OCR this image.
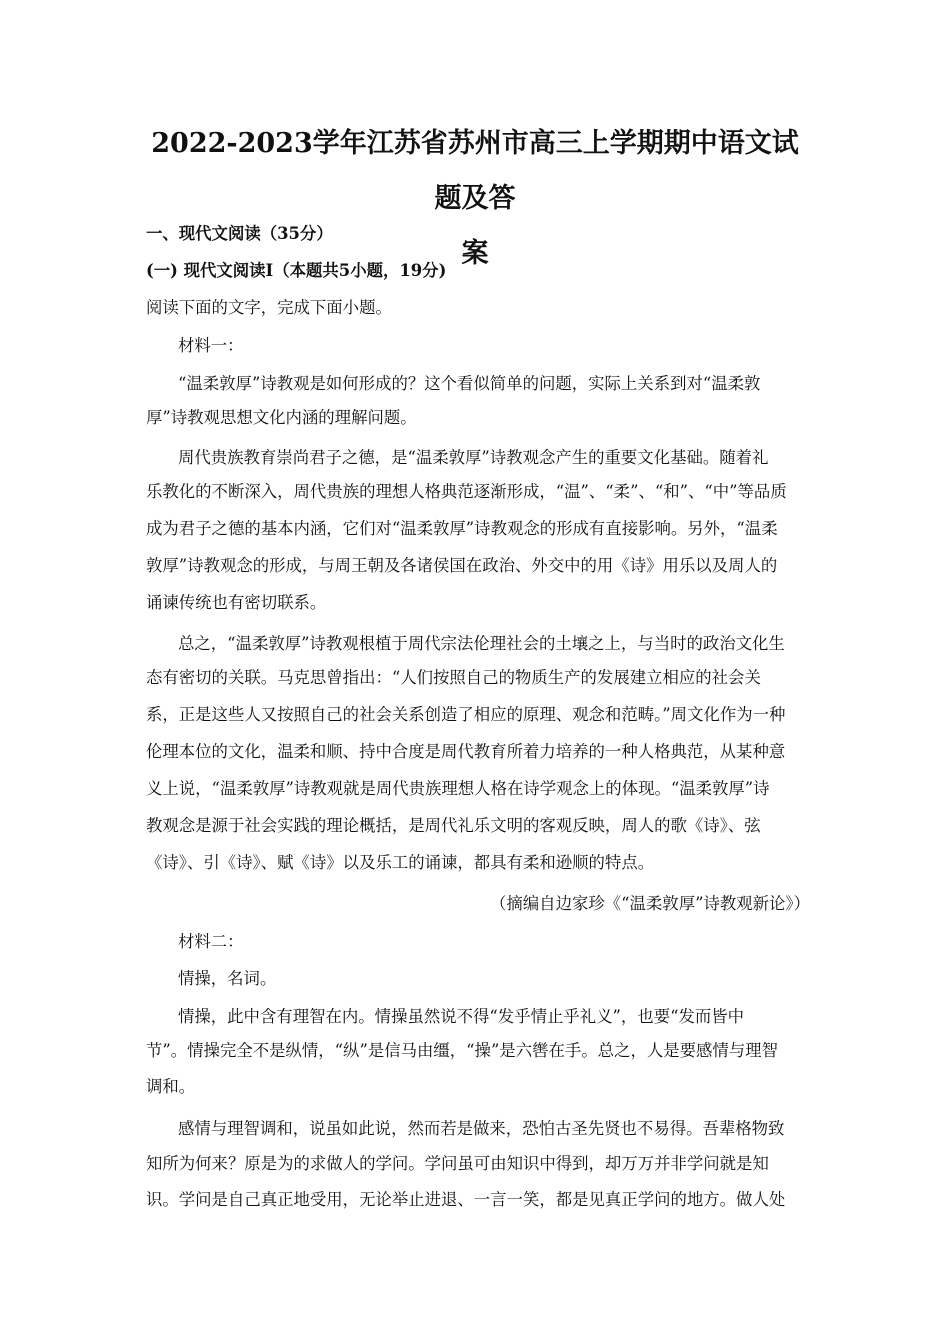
2022-2023学年江苏省苏州市高三上学期期中语文试题及答
案
一、现代文阅读（35分）
(一) 现代文阅读Ⅰ（本题共5小题，19分)
阅读下面的文字，完成下面小题。
材料一：
“温柔敦厚”诗教观是如何形成的？这个看似简单的问题，实际上关系到对“温柔敦
厚”诗教观思想文化内涵的理解问题。
周代贵族教育崇尚君子之德，是“温柔敦厚”诗教观念产生的重要文化基础。随着礼
乐教化的不断深入，周代贵族的理想人格典范逐渐形成，“温”、“柔”、“和”、“中”等品质
成为君子之德的基本内涵，它们对“温柔敦厚”诗教观念的形成有直接影响。另外，“温柔
敦厚”诗教观念的形成，与周王朝及各诸侯国在政治、外交中的用《诗》用乐以及周人的
诵谏传统也有密切联系。
总之，“温柔敦厚”诗教观根植于周代宗法伦理社会的土壤之上，与当时的政治文化生
态有密切的关联。马克思曾指出：“人们按照自己的物质生产的发展建立相应的社会关
系，正是这些人又按照自己的社会关系创造了相应的原理、观念和范畴。”周文化作为一种
伦理本位的文化，温柔和顺、持中合度是周代教育所着力培养的一种人格典范，从某种意
义上说，“温柔敦厚”诗教观就是周代贵族理想人格在诗学观念上的体现。“温柔敦厚”诗
教观念是源于社会实践的理论概括，是周代礼乐文明的客观反映，周人的歌《诗》、弦
《诗》、引《诗》、赋《诗》以及乐工的诵谏，都具有柔和逊顺的特点。
（摘编自边家珍《“温柔敦厚”诗教观新论》）
材料二：
情操，名词。
情操，此中含有理智在内。情操虽然说不得“发乎情止乎礼义”，也要“发而皆中
节”。情操完全不是纵情，“纵”是信马由缰，“操”是六辔在手。总之，人是要感情与理智
调和。
感情与理智调和，说虽如此说，然而若是做来，恐怕古圣先贤也不易得。吾辈格物致
知所为何来？原是为的求做人的学问。学问虽可由知识中得到，却万万并非学问就是知
识。学问是自己真正地受用，无论举止进退、一言一笑，都是见真正学问的地方。做人处
